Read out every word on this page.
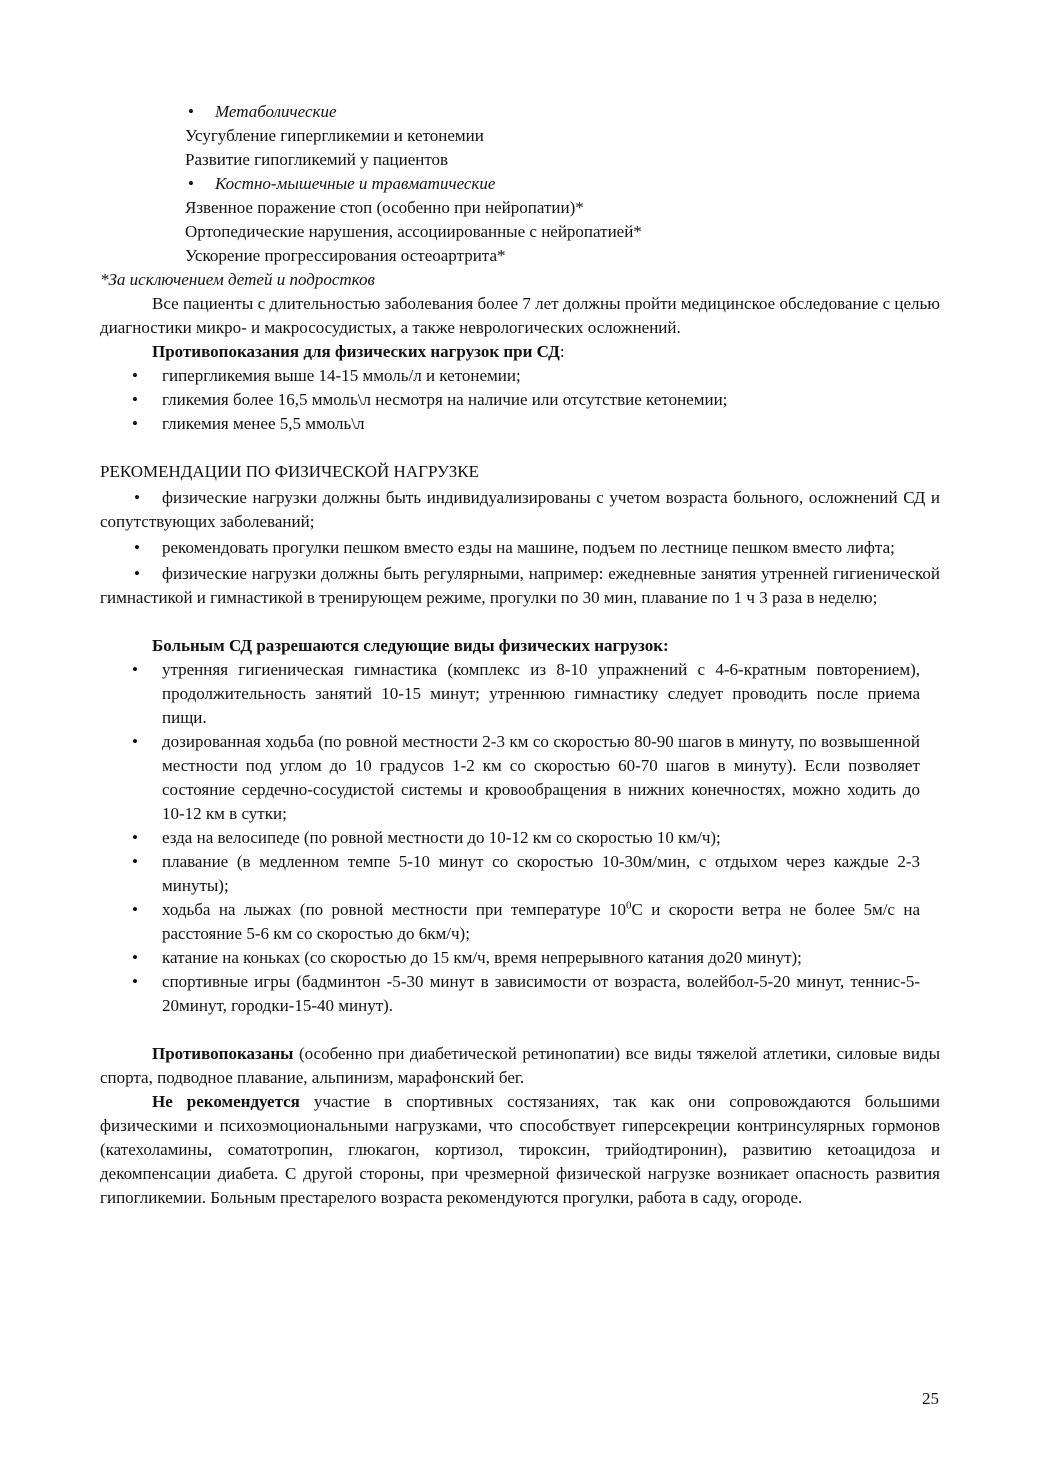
• Метаболические

Усугубление гипергликемии и кетонемии

Развитие гипогликемий у пациентов

• Костно-мышечные и травматические

Язвенное поражение стоп (особенно при нейропатии)*

Ортопедические нарушения, ассоциированные с нейропатией*

Ускорение прогрессирования остеоартрита*

*За исключением детей и подростков

Все пациенты с длительностью заболевания более 7 лет должны пройти медицинское обследование с целью диагностики микро- и макрососудистых, а также неврологических осложнений.

Противопоказания для физических нагрузок при СД:

• гипергликемия выше 14-15 ммоль/л и кетонемии;
• гликемия более 16,5 ммоль\л несмотря на наличие или отсутствие кетонемии;
• гликемия менее 5,5 ммоль\л

РЕКОМЕНДАЦИИ ПО ФИЗИЧЕСКОЙ НАГРУЗКЕ

• физические нагрузки должны быть индивидуализированы с учетом возраста больного, осложнений СД и сопутствующих заболеваний;
• рекомендовать прогулки пешком вместо езды на машине, подъем по лестнице пешком вместо лифта;
• физические нагрузки должны быть регулярными, например: ежедневные занятия утренней гигиенической гимнастикой и гимнастикой в тренирующем режиме, прогулки по 30 мин, плавание по 1 ч 3 раза в неделю;

Больным СД разрешаются следующие виды физических нагрузок:

• утренняя гигиеническая гимнастика (комплекс из 8-10 упражнений с 4-6-кратным повторением), продолжительность занятий 10-15 минут; утреннюю гимнастику следует проводить после приема пищи.
• дозированная ходьба (по ровной местности 2-3 км со скоростью 80-90 шагов в минуту, по возвышенной местности под углом до 10 градусов 1-2 км со скоростью 60-70 шагов в минуту). Если позволяет состояние сердечно-сосудистой системы и кровообращения в нижних конечностях, можно ходить до 10-12 км в сутки;
• езда на велосипеде (по ровной местности до 10-12 км со скоростью 10 км/ч);
• плавание (в медленном темпе 5-10 минут со скоростью 10-30м/мин, с отдыхом через каждые 2-3 минуты);
• ходьба на лыжах (по ровной местности при температуре $10^0С$ и скорости ветра не более 5м/с на расстояние 5-6 км со скоростью до 6км/ч);
• катание на коньках (со скоростью до 15 км/ч, время непрерывного катания до20 минут);
• спортивные игры (бадминтон -5-30 минут в зависимости от возраста, волейбол-5-20 минут, теннис-5-20минут, городки-15-40 минут).

Противопоказаны (особенно при диабетической ретинопатии) все виды тяжелой атлетики, силовые виды спорта, подводное плавание, альпинизм, марафонский бег.

Не рекомендуется участие в спортивных состязаниях, так как они сопровождаются большими физическими и психоэмоциональными нагрузками, что способствует гиперсекреции контринсулярных гормонов (катехоламины, соматотропин, глюкагон, кортизол, тироксин, трийодтиронин), развитию кетоацидоза и декомпенсации диабета. С другой стороны, при чрезмерной физической нагрузке возникает опасность развития гипогликемии. Больным престарелого возраста рекомендуются прогулки, работа в саду, огороде.

25
